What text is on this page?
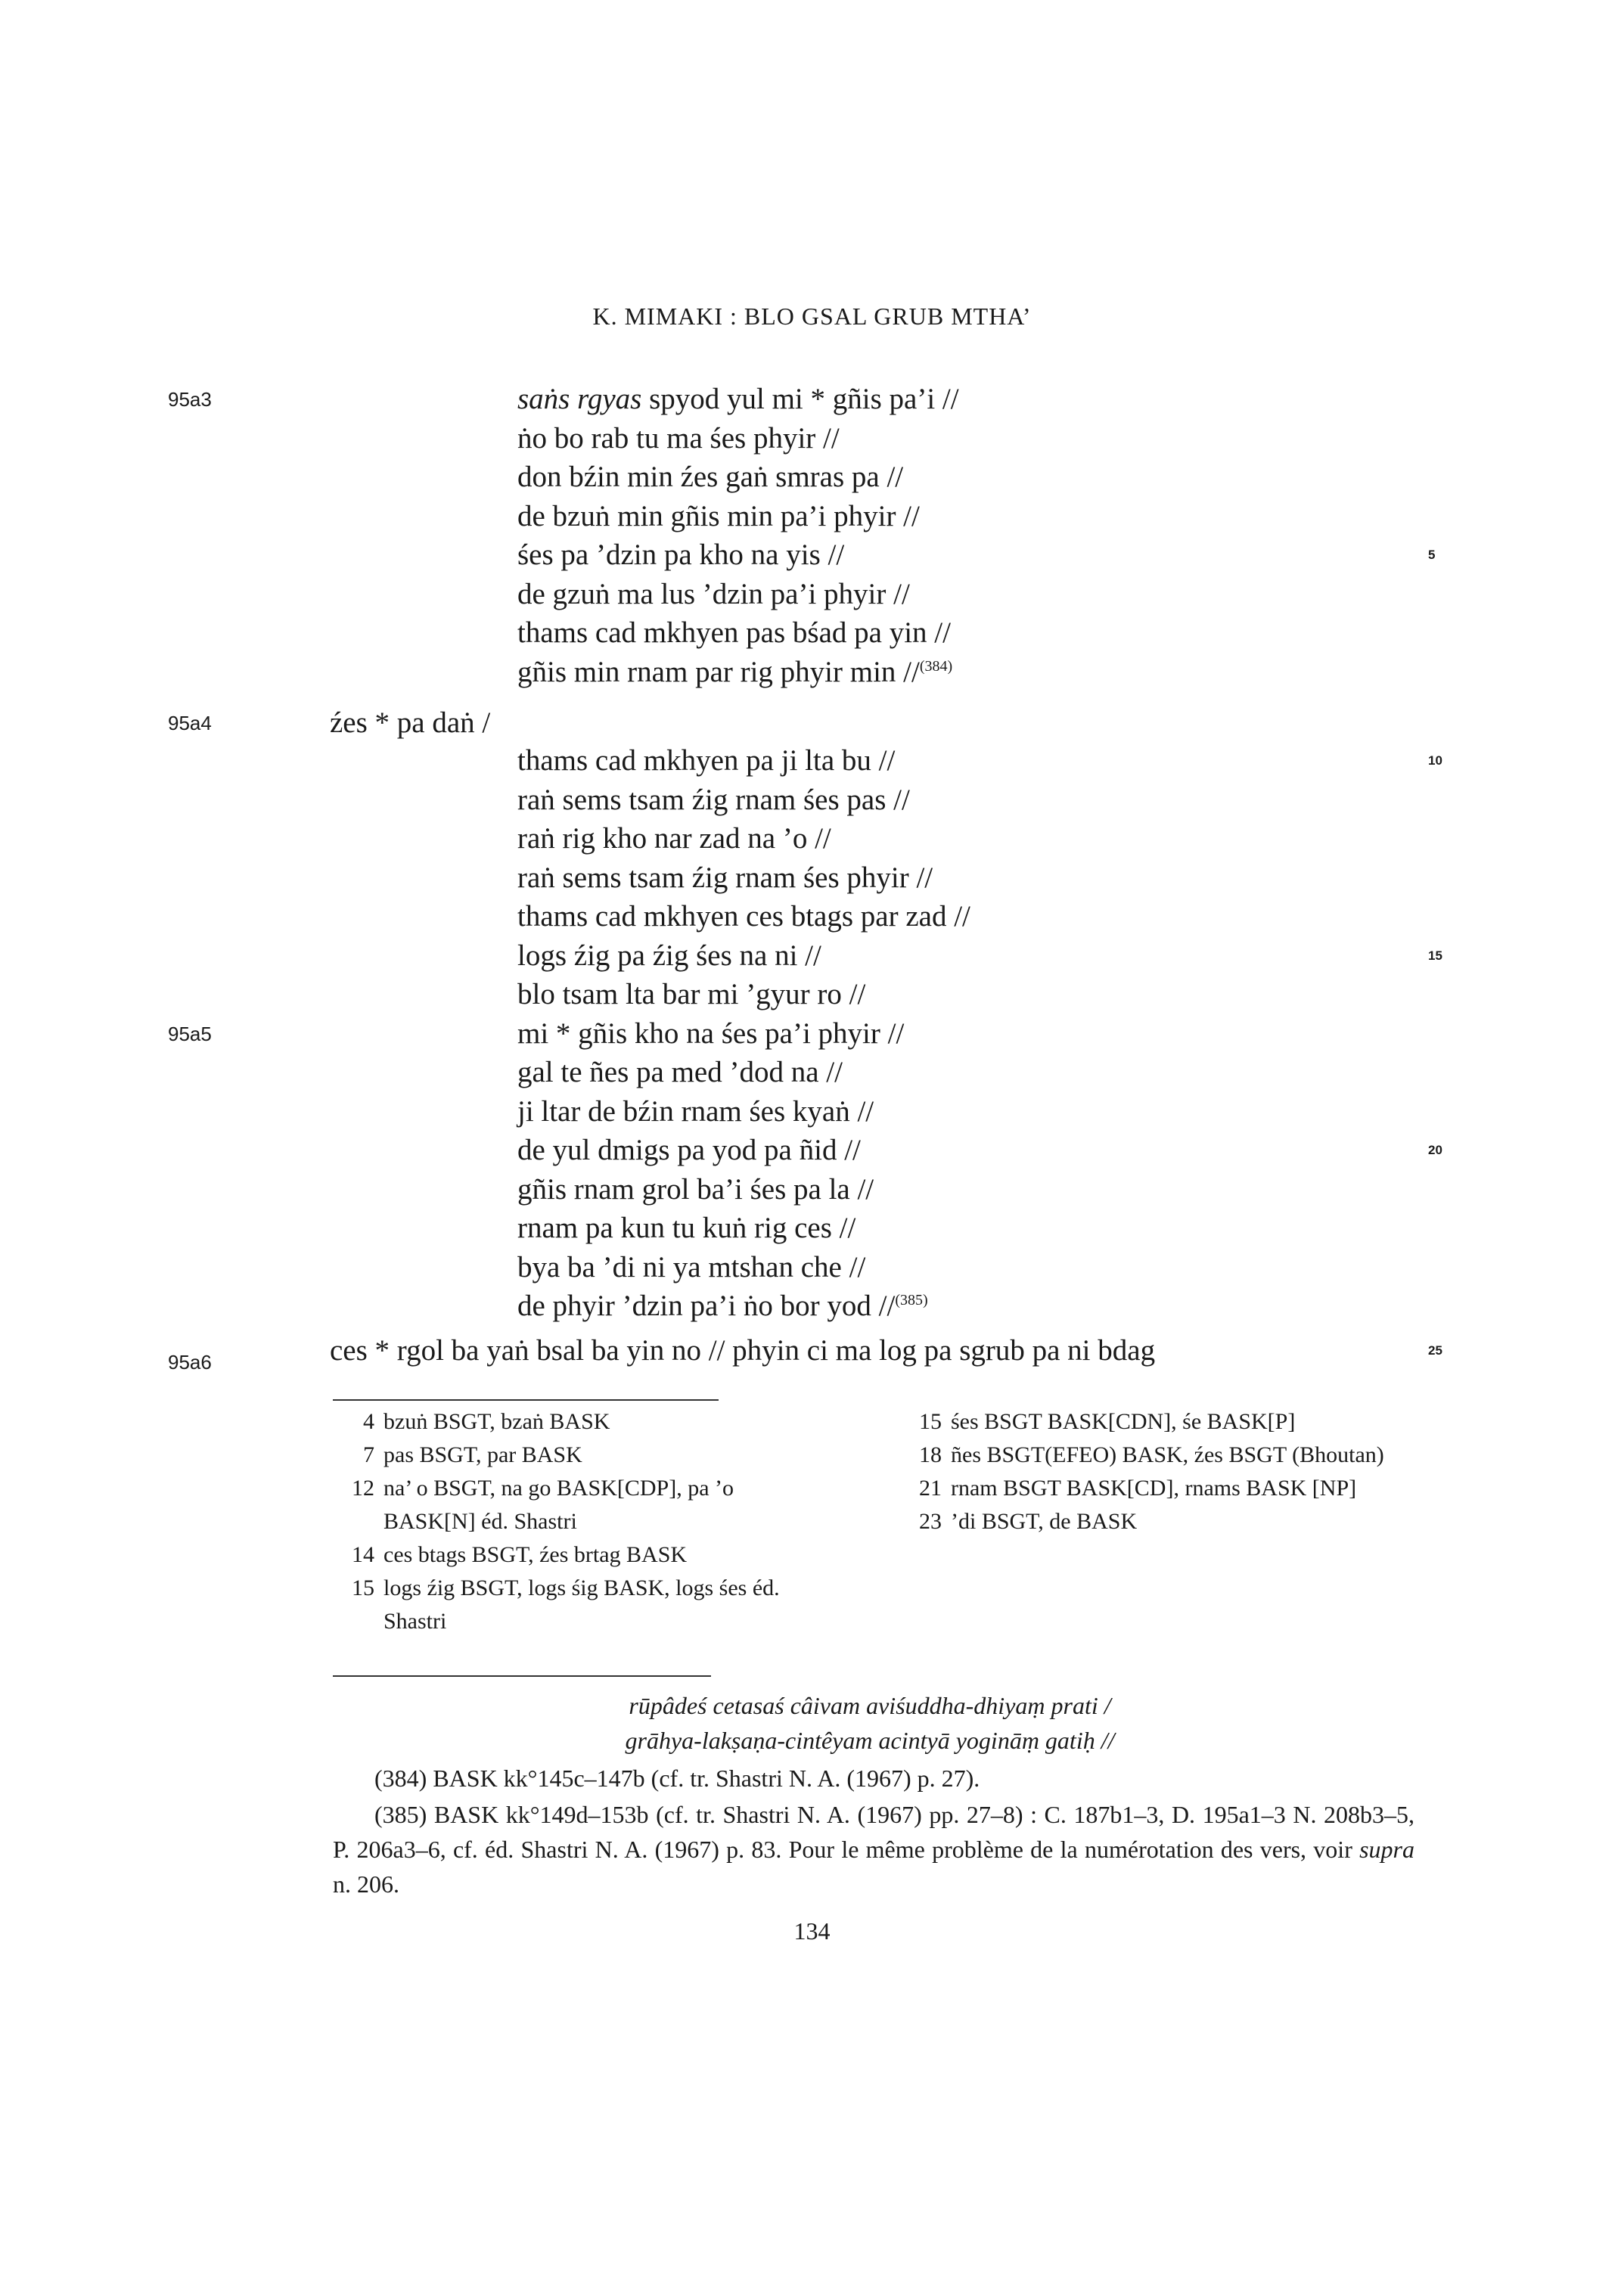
K. MIMAKI : BLO GSAL GRUB MTHA’
saṅs rgyas spyod yul mi * gñis pa’i //
ṅo bo rab tu ma śes phyir //
don bźin min źes gaṅ smras pa //
de bzuṅ min gñis min pa’i phyir //
śes pa ’dzin pa kho na yis //
de gzuṅ ma lus ’dzin pa’i phyir //
thams cad mkhyen pas bśad pa yin //
gñis min rnam par rig phyir min //$^{(384)}$
źes * pa daṅ /
thams cad mkhyen pa ji lta bu //
raṅ sems tsam źig rnam śes pas //
raṅ rig kho nar zad na ’o //
raṅ sems tsam źig rnam śes phyir //
thams cad mkhyen ces btags par zad //
logs źig pa źig śes na ni //
blo tsam lta bar mi ’gyur ro //
mi * gñis kho na śes pa’i phyir //
gal te ñes pa med ’dod na //
ji ltar de bźin rnam śes kyaṅ //
de yul dmigs pa yod pa ñid //
gñis rnam grol ba’i śes pa la //
rnam pa kun tu kuṅ rig ces //
bya ba ’di ni ya mtshan che //
de phyir ’dzin pa’i ṅo bor yod //$^{(385)}$
ces * rgol ba yaṅ bsal ba yin no // phyin ci ma log pa sgrub pa ni bdag
95a3
95a4
95a5
95a6
5
10
15
20
25
4 bzuṅ BSGT, bzaṅ BASK
7 pas BSGT, par BASK
12 na’ o BSGT, na go BASK[CDP], pa ’o BASK[N] éd. Shastri
14 ces btags BSGT, źes brtag BASK
15 logs źig BSGT, logs śig BASK, logs śes éd. Shastri
15 śes BSGT BASK[CDN], śe BASK[P]
18 ñes BSGT(EFEO) BASK, źes BSGT (Bhoutan)
21 rnam BSGT BASK[CD], rnams BASK [NP]
23 ’di BSGT, de BASK
rūpâdeś cetasaś câivam aviśuddha-dhiyaṃ prati /
grāhya-lakṣaṇa-cintêyam acintyā yogināṃ gatiḥ //
(384) BASK kk°145c–147b (cf. tr. Shastri N. A. (1967) p. 27).
(385) BASK kk°149d–153b (cf. tr. Shastri N. A. (1967) pp. 27–8) : C. 187b1–3, D. 195a1–3 N. 208b3–5, P. 206a3–6, cf. éd. Shastri N. A. (1967) p. 83. Pour le même problème de la numérotation des vers, voir supra n. 206.
134
